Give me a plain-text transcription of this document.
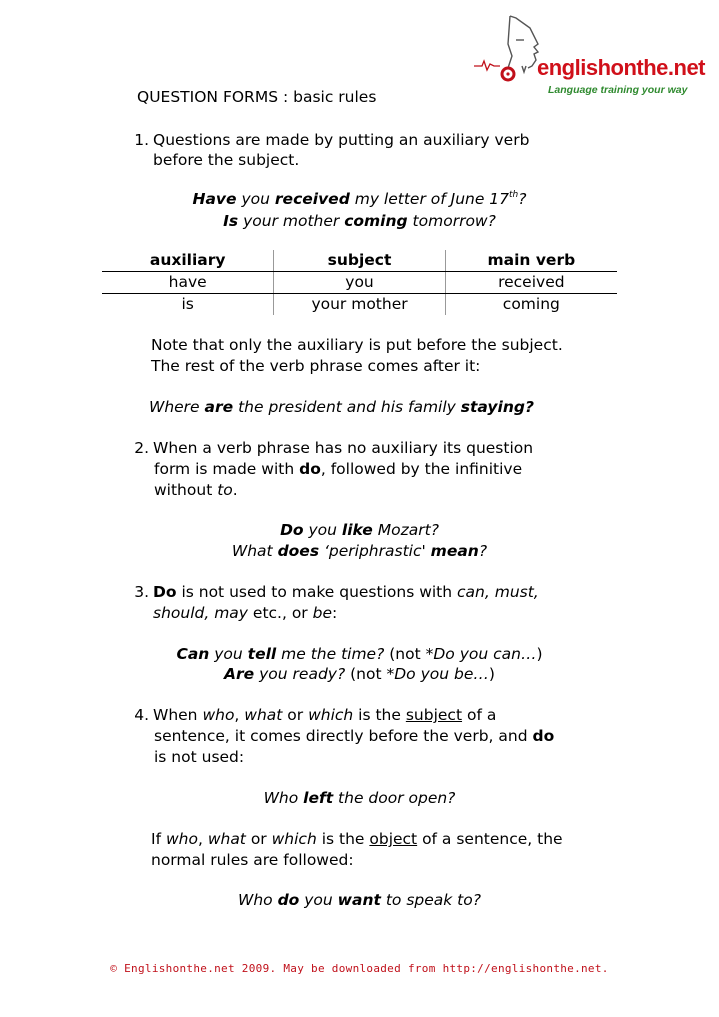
englishonthe.net
Language training your way
QUESTION FORMS : basic rules
1. Questions are made by putting an auxiliary verb
before the subject.
Have you received my letter of June 17th?
Is your mother coming tomorrow?
auxiliary	subject	main verb
have	you	received
is	your mother	coming
Note that only the auxiliary is put before the subject.
The rest of the verb phrase comes after it:
Where are the president and his family staying?
2. When a verb phrase has no auxiliary its question
form is made with do, followed by the infinitive
without to.
Do you like Mozart?
What does ‘periphrastic' mean?
3. Do is not used to make questions with can, must,
should, may etc., or be:
Can you tell me the time? (not *Do you can…)
Are you ready? (not *Do you be…)
4. When who, what or which is the subject of a
sentence, it comes directly before the verb, and do
is not used:
Who left the door open?
If who, what or which is the object of a sentence, the
normal rules are followed:
Who do you want to speak to?
© Englishonthe.net 2009. May be downloaded from http://englishonthe.net.
